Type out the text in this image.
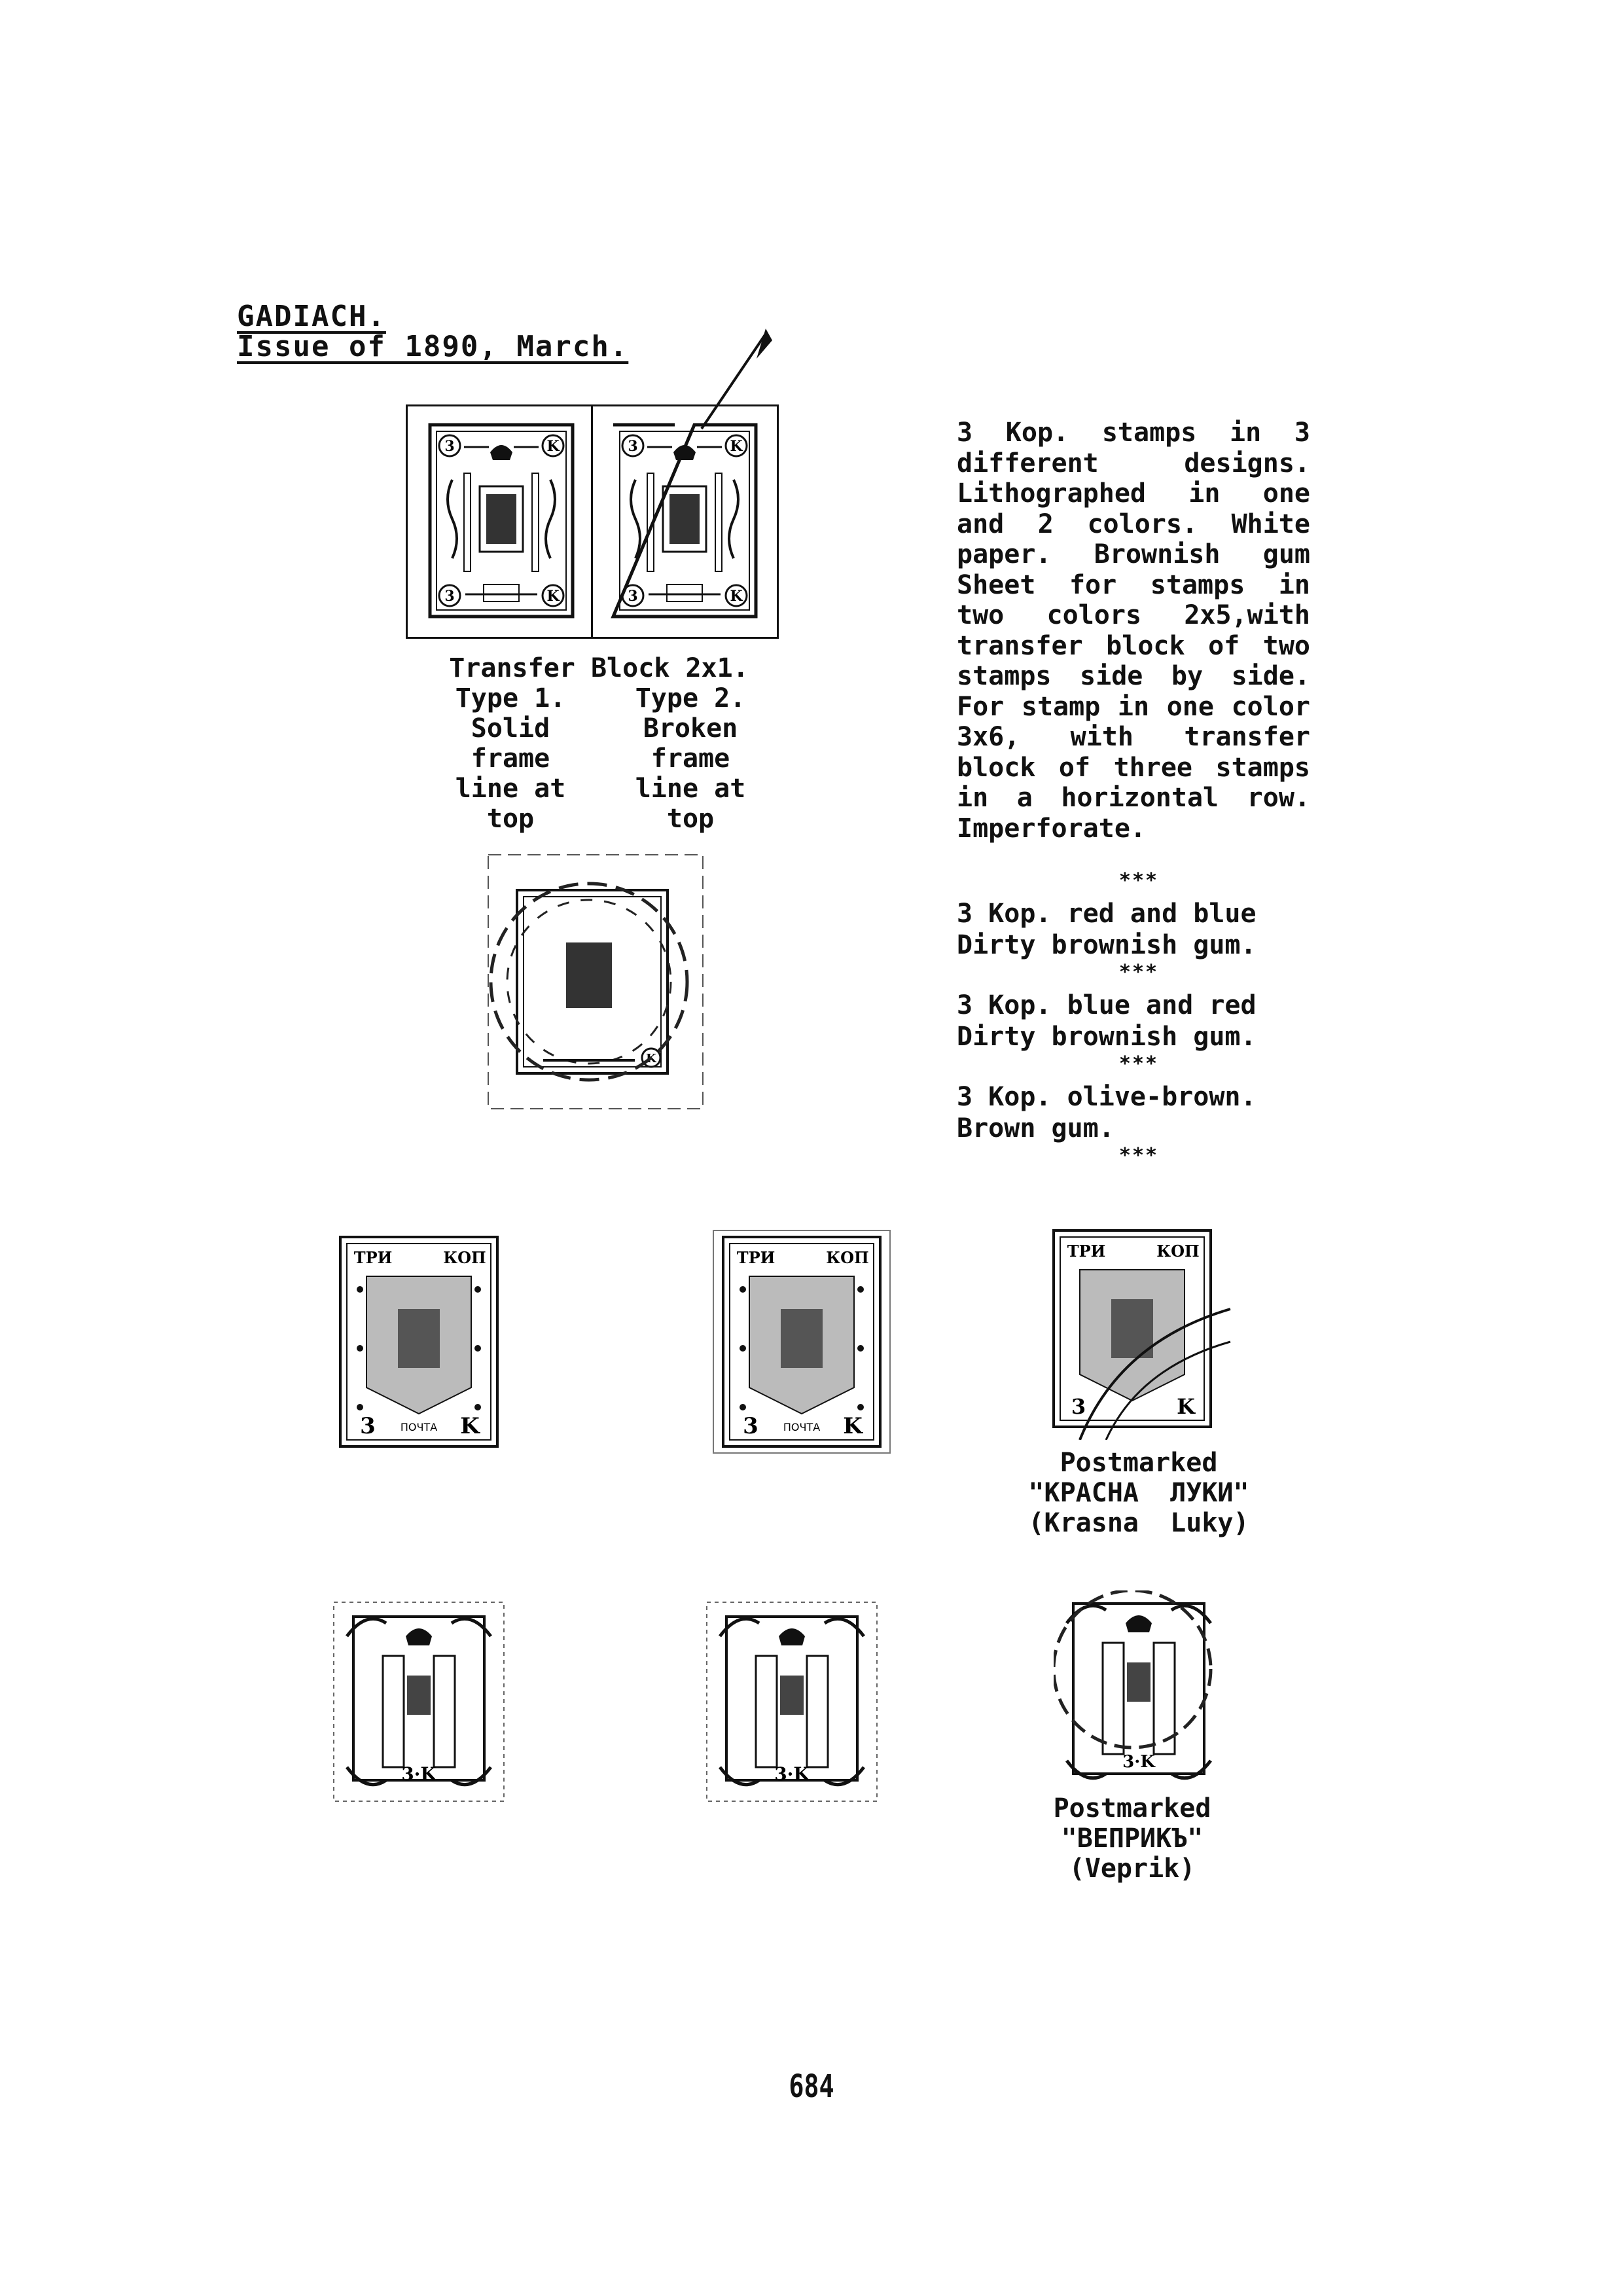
GADIACH.
Issue of 1890, March.
3	K
3	K
3	K
3	K
Transfer Block 2x1.
Type 1.
Solid
frame
line at
top
Type 2.
Broken
frame
line at
top
K
3 Kop. stamps in 3 different designs. Lithographed in one and 2 colors. White paper. Brownish gum Sheet for stamps in two colors 2x5,with transfer block of two stamps side by side. For stamp in one color 3x6, with transfer block of three stamps in a horizontal row. Imperforate.
***
3 Kop. red and blue
Dirty brownish gum.
***
3 Kop. blue and red
Dirty brownish gum.
***
3 Kop. olive-brown.
Brown gum.
***
ТРИ	КОП
3	K
ПОЧТА
ТРИ	КОП
3	K
ПОЧТА
ТРИ	КОП
3	K
Postmarked
"КРАСНА  ЛУКИ"
(Krasna  Luky)
3·K	3·K
3·K
Postmarked
"ВЕПРИКЪ"
(Veprik)
684
